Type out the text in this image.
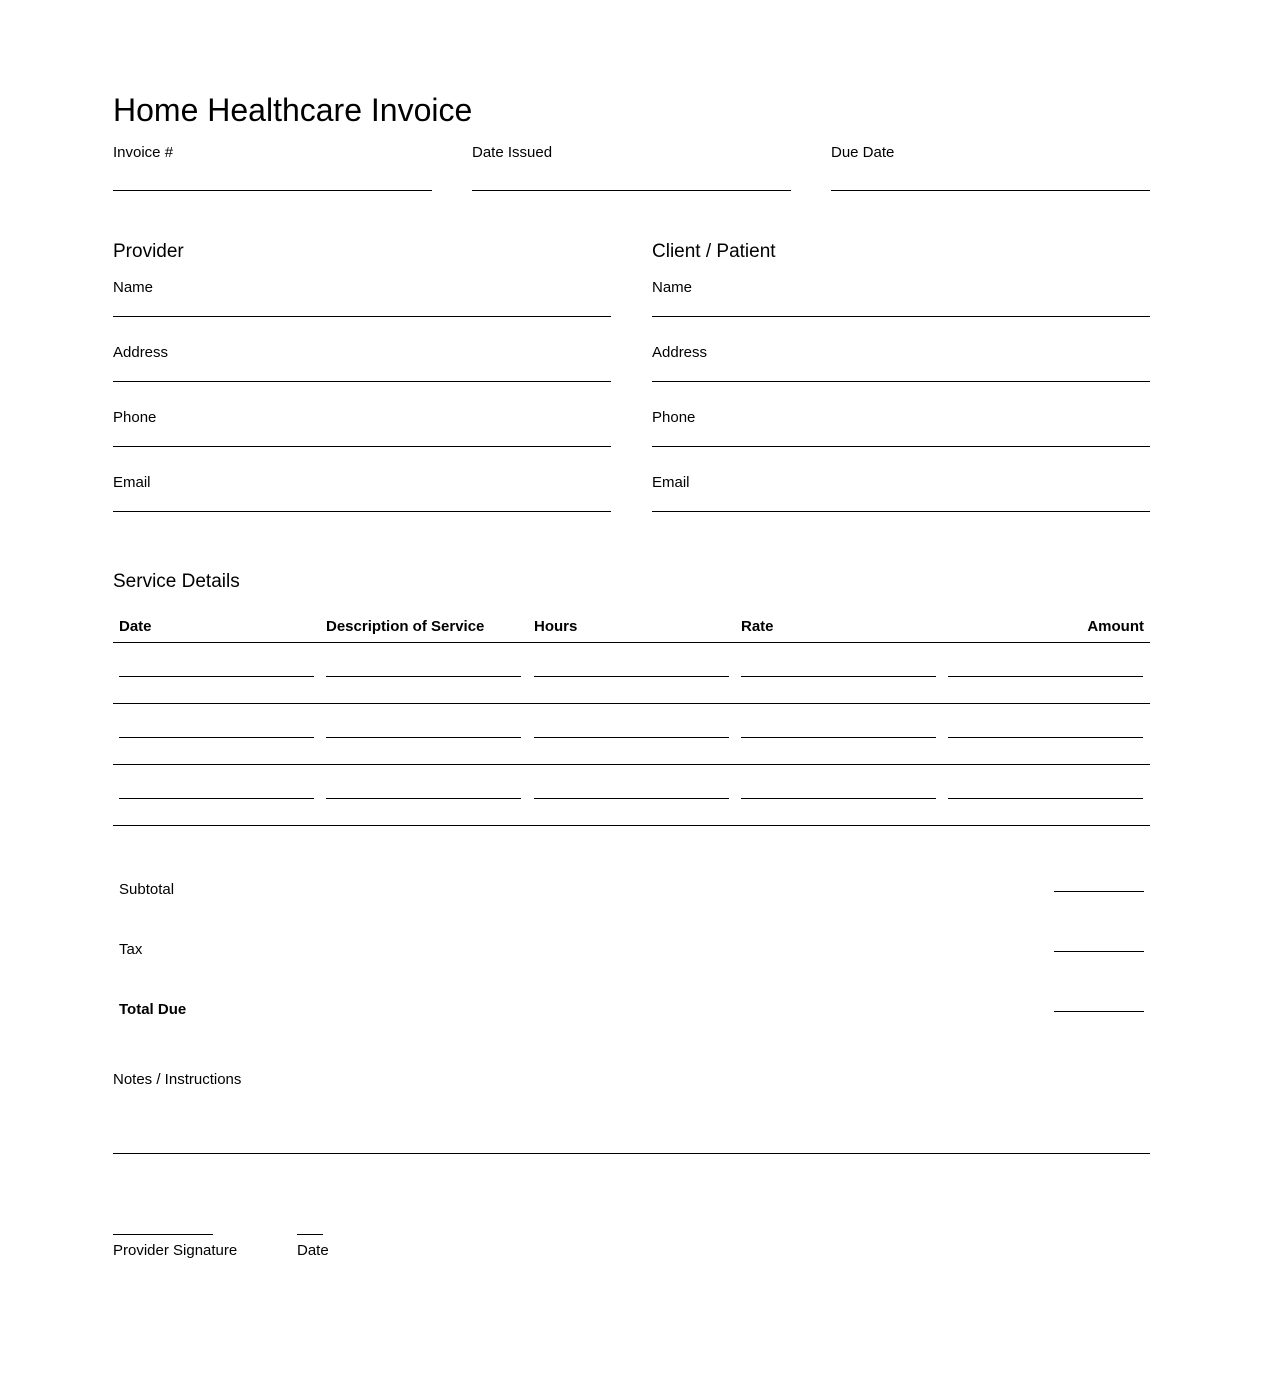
Home Healthcare Invoice
Invoice #	Date Issued	Due Date
Provider
Name
Address
Phone
Email
Client / Patient
Name
Address
Phone
Email
Service Details
Date	Description of Service	Hours	Rate	Amount
Subtotal
Tax
Total Due
Notes / Instructions
Provider Signature	Date
